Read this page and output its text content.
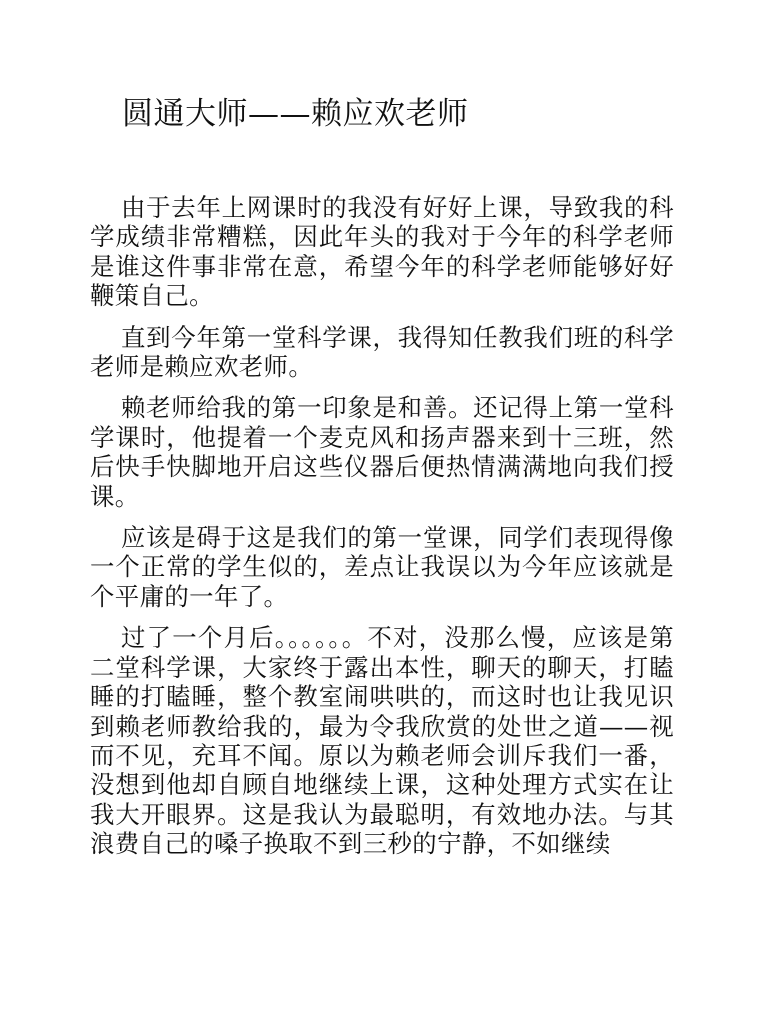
圆通大师——赖应欢老师

由于去年上网课时的我没有好好上课，导致我的科学成绩非常糟糕，因此年头的我对于今年的科学老师是谁这件事非常在意，希望今年的科学老师能够好好鞭策自己。

直到今年第一堂科学课，我得知任教我们班的科学老师是赖应欢老师。

赖老师给我的第一印象是和善。还记得上第一堂科学课时，他提着一个麦克风和扬声器来到十三班，然后快手快脚地开启这些仪器后便热情满满地向我们授课。

应该是碍于这是我们的第一堂课，同学们表现得像一个正常的学生似的，差点让我误以为今年应该就是个平庸的一年了。

过了一个月后。。。。。。不对，没那么慢，应该是第二堂科学课，大家终于露出本性，聊天的聊天，打瞌睡的打瞌睡，整个教室闹哄哄的，而这时也让我见识到赖老师教给我的，最为令我欣赏的处世之道——视而不见，充耳不闻。原以为赖老师会训斥我们一番，没想到他却自顾自地继续上课，这种处理方式实在让我大开眼界。这是我认为最聪明，有效地办法。与其浪费自己的嗓子换取不到三秒的宁静，不如继续
